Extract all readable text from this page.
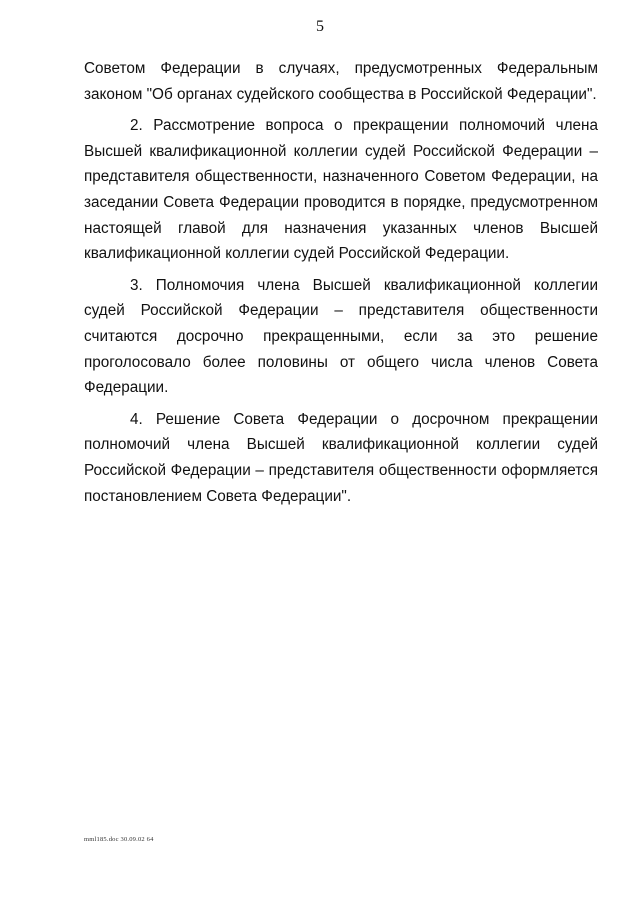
5

Советом Федерации в случаях, предусмотренных Федеральным законом "Об органах судейского сообщества в Российской Федерации".

2. Рассмотрение вопроса о прекращении полномочий члена Высшей квалификационной коллегии судей Российской Федерации – представителя общественности, назначенного Советом Федерации, на заседании Совета Федерации проводится в порядке, предусмотренном настоящей главой для назначения указанных членов Высшей квалификационной коллегии судей Российской Федерации.

3. Полномочия члена Высшей квалификационной коллегии судей Российской Федерации – представителя общественности считаются досрочно прекращенными, если за это решение проголосовало более половины от общего числа членов Совета Федерации.

4. Решение Совета Федерации о досрочном прекращении полномочий члена Высшей квалификационной коллегии судей Российской Федерации – представителя общественности оформляется постановлением Совета Федерации".

mml185.doc 30.09.02 64
